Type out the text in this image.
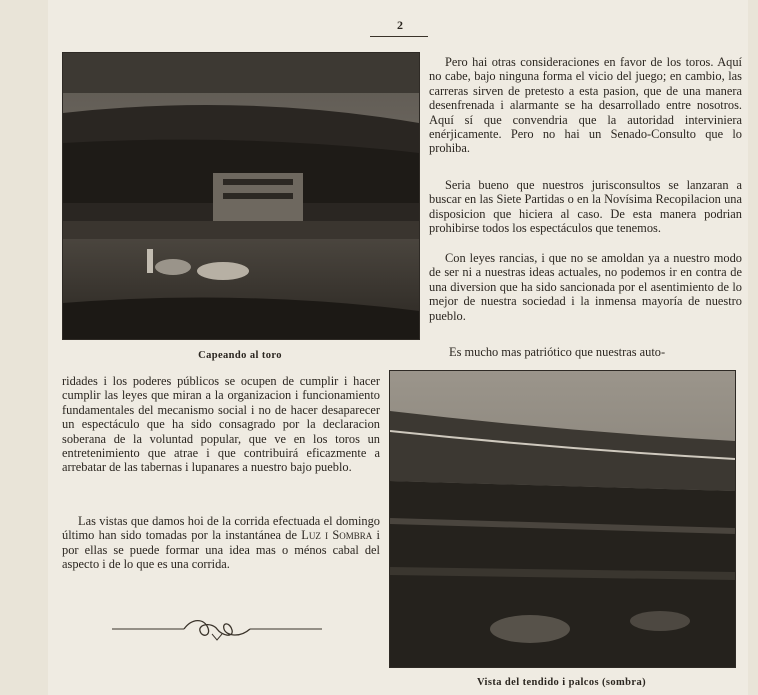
2
Capeando al toro
Vista del tendido i palcos (sombra)

Pero hai otras consideraciones en favor de los toros. Aquí no cabe, bajo ninguna forma el vicio del juego; en cambio, las carreras sirven de pretesto a esta pasion, que de una manera desenfrenada i alarmante se ha desarrollado entre nosotros. Aquí sí que convendria que la autoridad interviniera enérjicamente. Pero no hai un Senado-Consulto que lo prohiba.

Seria bueno que nuestros jurisconsultos se lanzaran a buscar en las Siete Partidas o en la Novísima Recopilacion una disposicion que hiciera al caso. De esta manera podrian prohibirse todos los espectáculos que tenemos.

Con leyes rancias, i que no se amoldan ya a nuestro modo de ser ni a nuestras ideas actuales, no podemos ir en contra de una diversion que ha sido sancionada por el asentimiento de lo mejor de nuestra sociedad i la inmensa mayoría de nuestro pueblo.

Es mucho mas patriótico que nuestras auto-

ridades i los poderes públicos se ocupen de cumplir i hacer cumplir las leyes que miran a la organizacion i funcionamiento fundamentales del mecanismo social i no de hacer desaparecer un espectáculo que ha sido consagrado por la declaracion soberana de la voluntad popular, que ve en los toros un entretenimiento que atrae i que contribuirá eficazmente a arrebatar de las tabernas i lupanares a nuestro bajo pueblo.

Las vistas que damos hoi de la corrida efectuada el domingo último han sido tomadas por la instantánea de Luz i Sombra i por ellas se puede formar una idea mas o ménos cabal del aspecto i de lo que es una corrida.
